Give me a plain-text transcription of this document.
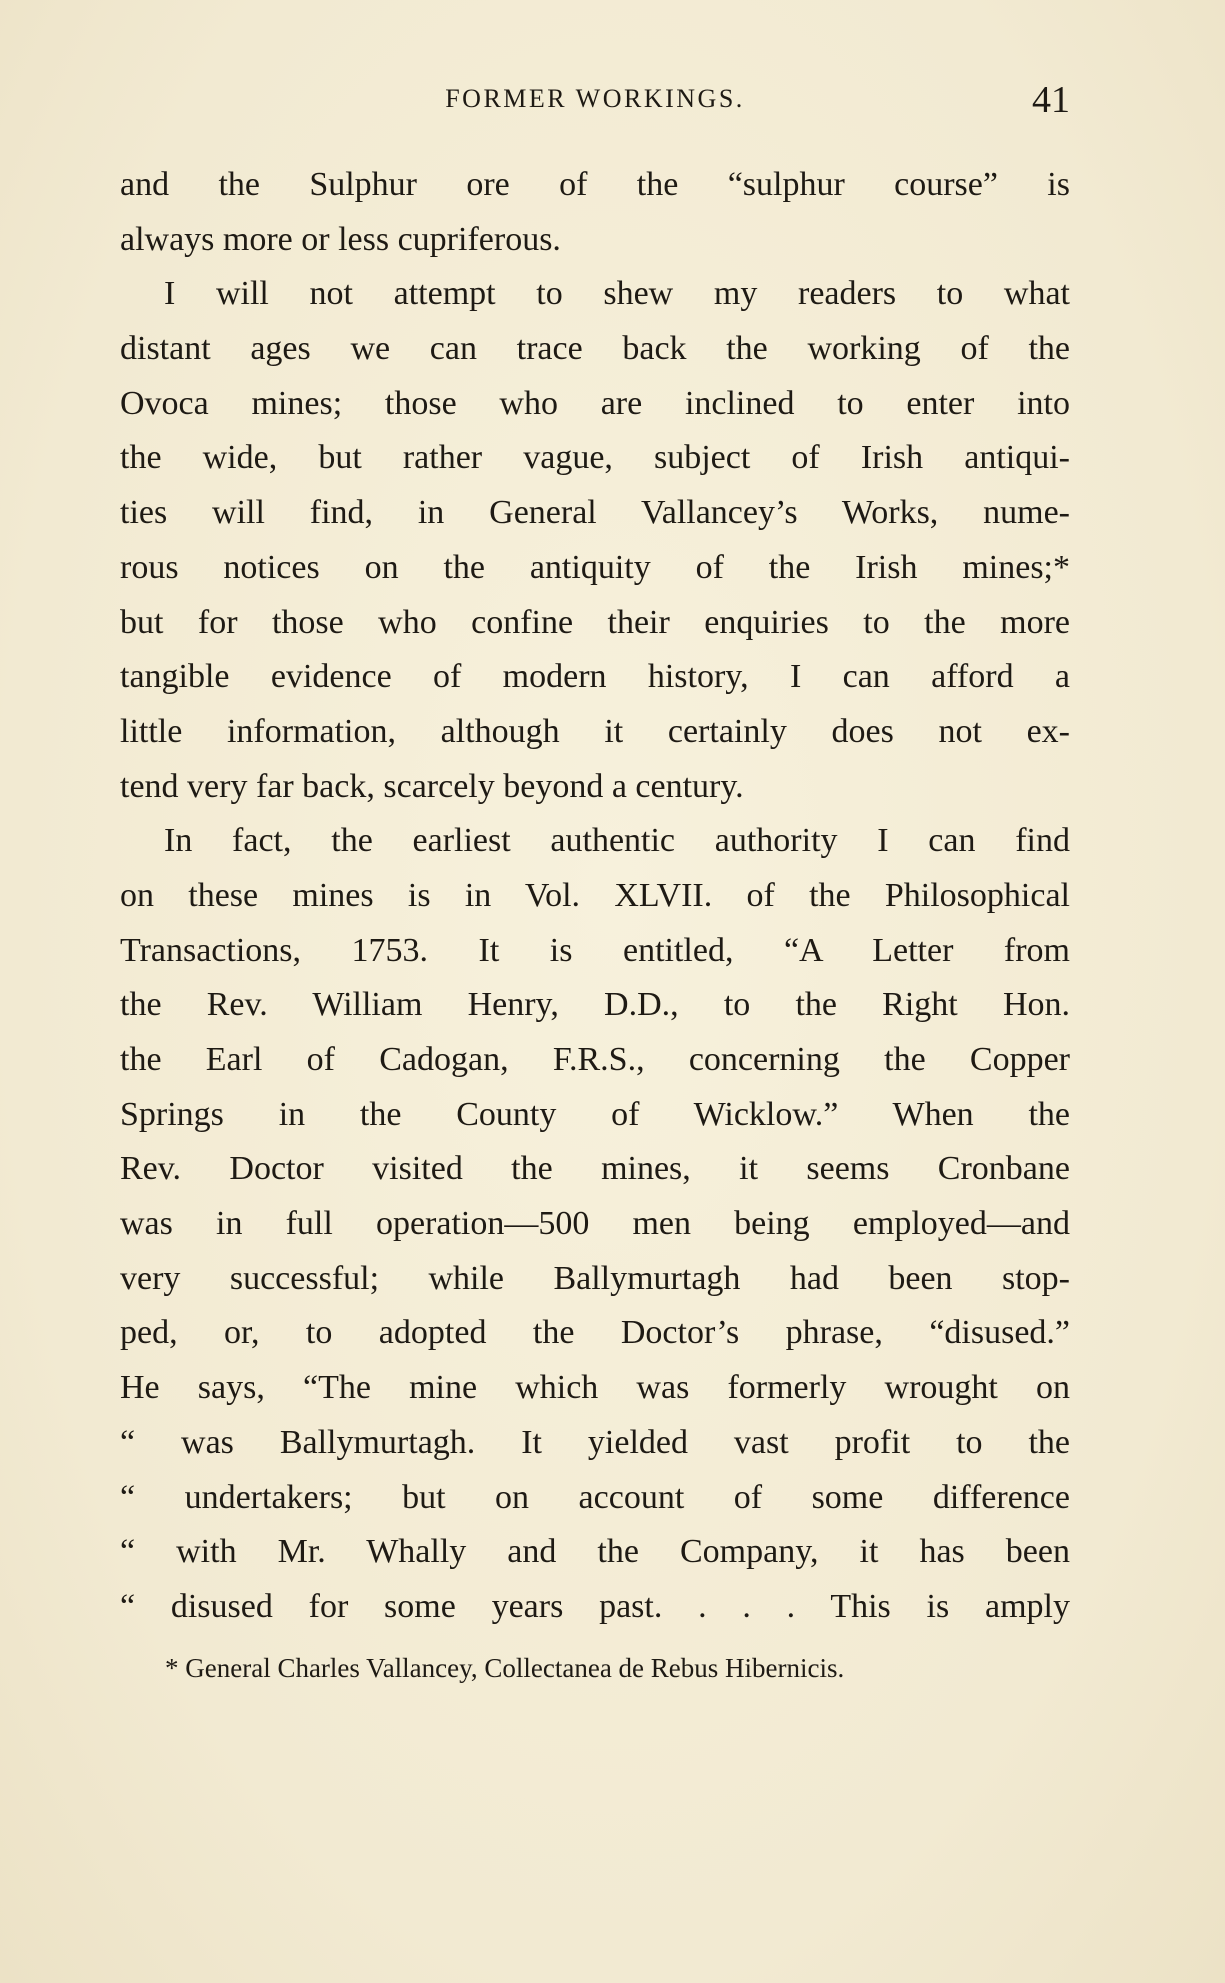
FORMER WORKINGS.	41
and the Sulphur ore of the “sulphur course” is
always more or less cupriferous.
I will not attempt to shew my readers to what
distant ages we can trace back the working of the
Ovoca mines; those who are inclined to enter into
the wide, but rather vague, subject of Irish antiqui-
ties will find, in General Vallancey’s Works, nume-
rous notices on the antiquity of the Irish mines;*
but for those who confine their enquiries to the more
tangible evidence of modern history, I can afford a
little information, although it certainly does not ex-
tend very far back, scarcely beyond a century.
In fact, the earliest authentic authority I can find
on these mines is in Vol. XLVII. of the Philosophical
Transactions, 1753. It is entitled, “A Letter from
the Rev. William Henry, D.D., to the Right Hon.
the Earl of Cadogan, F.R.S., concerning the Copper
Springs in the County of Wicklow.” When the
Rev. Doctor visited the mines, it seems Cronbane
was in full operation—500 men being employed—and
very successful; while Ballymurtagh had been stop-
ped, or, to adopted the Doctor’s phrase, “disused.”
He says, “The mine which was formerly wrought on
“ was Ballymurtagh. It yielded vast profit to the
“ undertakers; but on account of some difference
“ with Mr. Whally and the Company, it has been
“ disused for some years past. . . . This is amply
* General Charles Vallancey, Collectanea de Rebus Hibernicis.
